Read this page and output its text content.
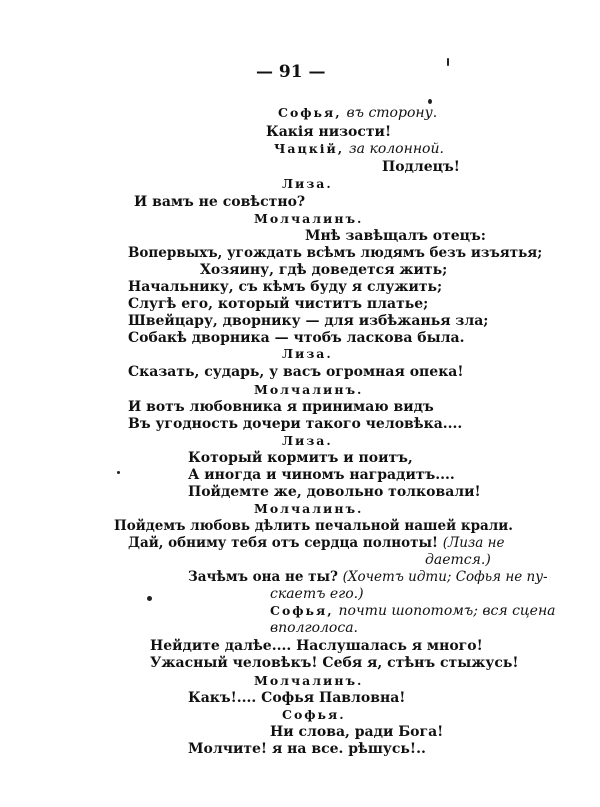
— 91 —
Софья, въ сторону.
Какія низости!
Чацкій, за колонной.
Подлецъ!
Лиза.
И вамъ не совѣстно?
Молчалинъ.
Мнѣ завѣщалъ отецъ:
Вопервыхъ, угождать всѣмъ людямъ безъ изъятья;
Хозяину, гдѣ доведется жить;
Начальнику, съ кѣмъ буду я служить;
Слугѣ его, который чиститъ платье;
Швейцару, дворнику — для избѣжанья зла;
Собакѣ дворника — чтобъ ласкова была.
Лиза.
Сказать, сударь, у васъ огромная опека!
Молчалинъ.
И вотъ любовника я принимаю видъ
Въ угодность дочери такого человѣка....
Лиза.
Который кормитъ и поитъ,
А иногда и чиномъ наградитъ....
Пойдемте же, довольно толковали!
Молчалинъ.
Пойдемъ любовь дѣлить печальной нашей крали.
Дай, обниму тебя отъ сердца полноты! (Лиза не
дается.)
Зачѣмъ она не ты? (Хочетъ идти; Софья не пу-
скаетъ его.)
Софья, почти шопотомъ; вся сцена
вполголоса.
Нейдите далѣе.... Наслушалась я много!
Ужасный человѣкъ! Себя я, стѣнъ стыжусь!
Молчалинъ.
Какъ!.... Софья Павловна!
Софья.
Ни слова, ради Бога!
Молчите! я на все. рѣшусь!..
